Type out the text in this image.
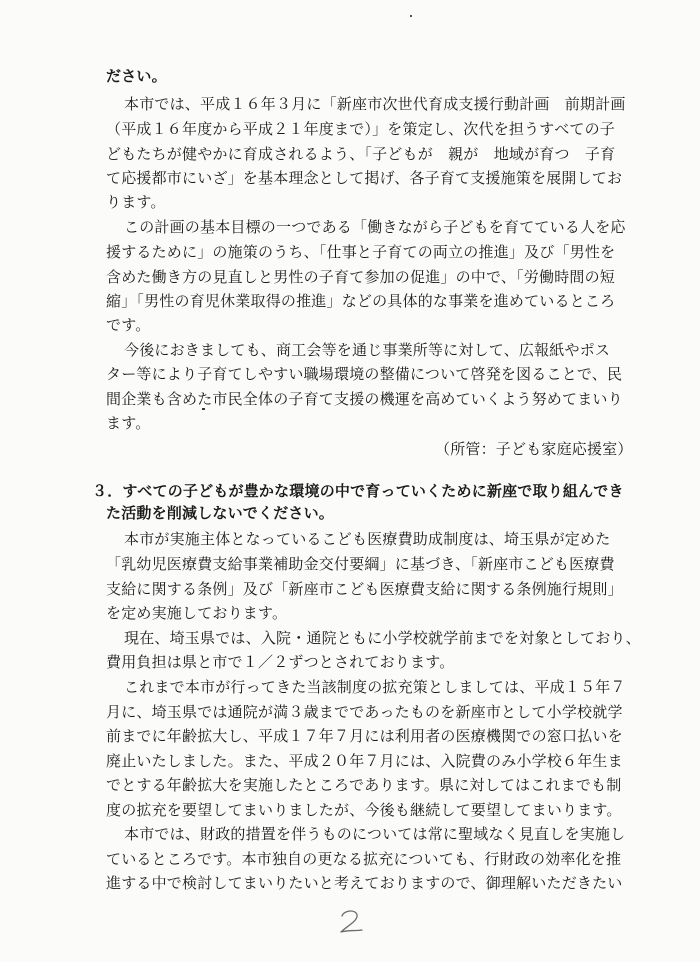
ださい。
本市では、平成１６年３月に「新座市次世代育成支援行動計画　前期計画
（平成１６年度から平成２１年度まで）」を策定し、次代を担うすべての子
どもたちが健やかに育成されるよう、「子どもが　親が　地域が育つ　子育
て応援都市にいざ」を基本理念として掲げ、各子育て支援施策を展開してお
ります。
この計画の基本目標の一つである「働きながら子どもを育てている人を応
援するために」の施策のうち、「仕事と子育ての両立の推進」及び「男性を
含めた働き方の見直しと男性の子育て参加の促進」の中で、「労働時間の短
縮」「男性の育児休業取得の推進」などの具体的な事業を進めているところ
です。
今後におきましても、商工会等を通じ事業所等に対して、広報紙やポス
ター等により子育てしやすい職場環境の整備について啓発を図ることで、民
間企業も含めた市民全体の子育て支援の機運を高めていくよう努めてまいり
ます。
（所管：子ども家庭応援室）
３．すべての子どもが豊かな環境の中で育っていくために新座で取り組んでき
た活動を削減しないでください。
本市が実施主体となっているこども医療費助成制度は、埼玉県が定めた
「乳幼児医療費支給事業補助金交付要綱」に基づき、「新座市こども医療費
支給に関する条例」及び「新座市こども医療費支給に関する条例施行規則」
を定め実施しております。
現在、埼玉県では、入院・通院ともに小学校就学前までを対象としており、
費用負担は県と市で１／２ずつとされております。
これまで本市が行ってきた当該制度の拡充策としましては、平成１５年７
月に、埼玉県では通院が満３歳までであったものを新座市として小学校就学
前までに年齢拡大し、平成１７年７月には利用者の医療機関での窓口払いを
廃止いたしました。また、平成２０年７月には、入院費のみ小学校６年生ま
でとする年齢拡大を実施したところであります。県に対してはこれまでも制
度の拡充を要望してまいりましたが、今後も継続して要望してまいります。
本市では、財政的措置を伴うものについては常に聖域なく見直しを実施し
ているところです。本市独自の更なる拡充についても、行財政の効率化を推
進する中で検討してまいりたいと考えておりますので、御理解いただきたい
